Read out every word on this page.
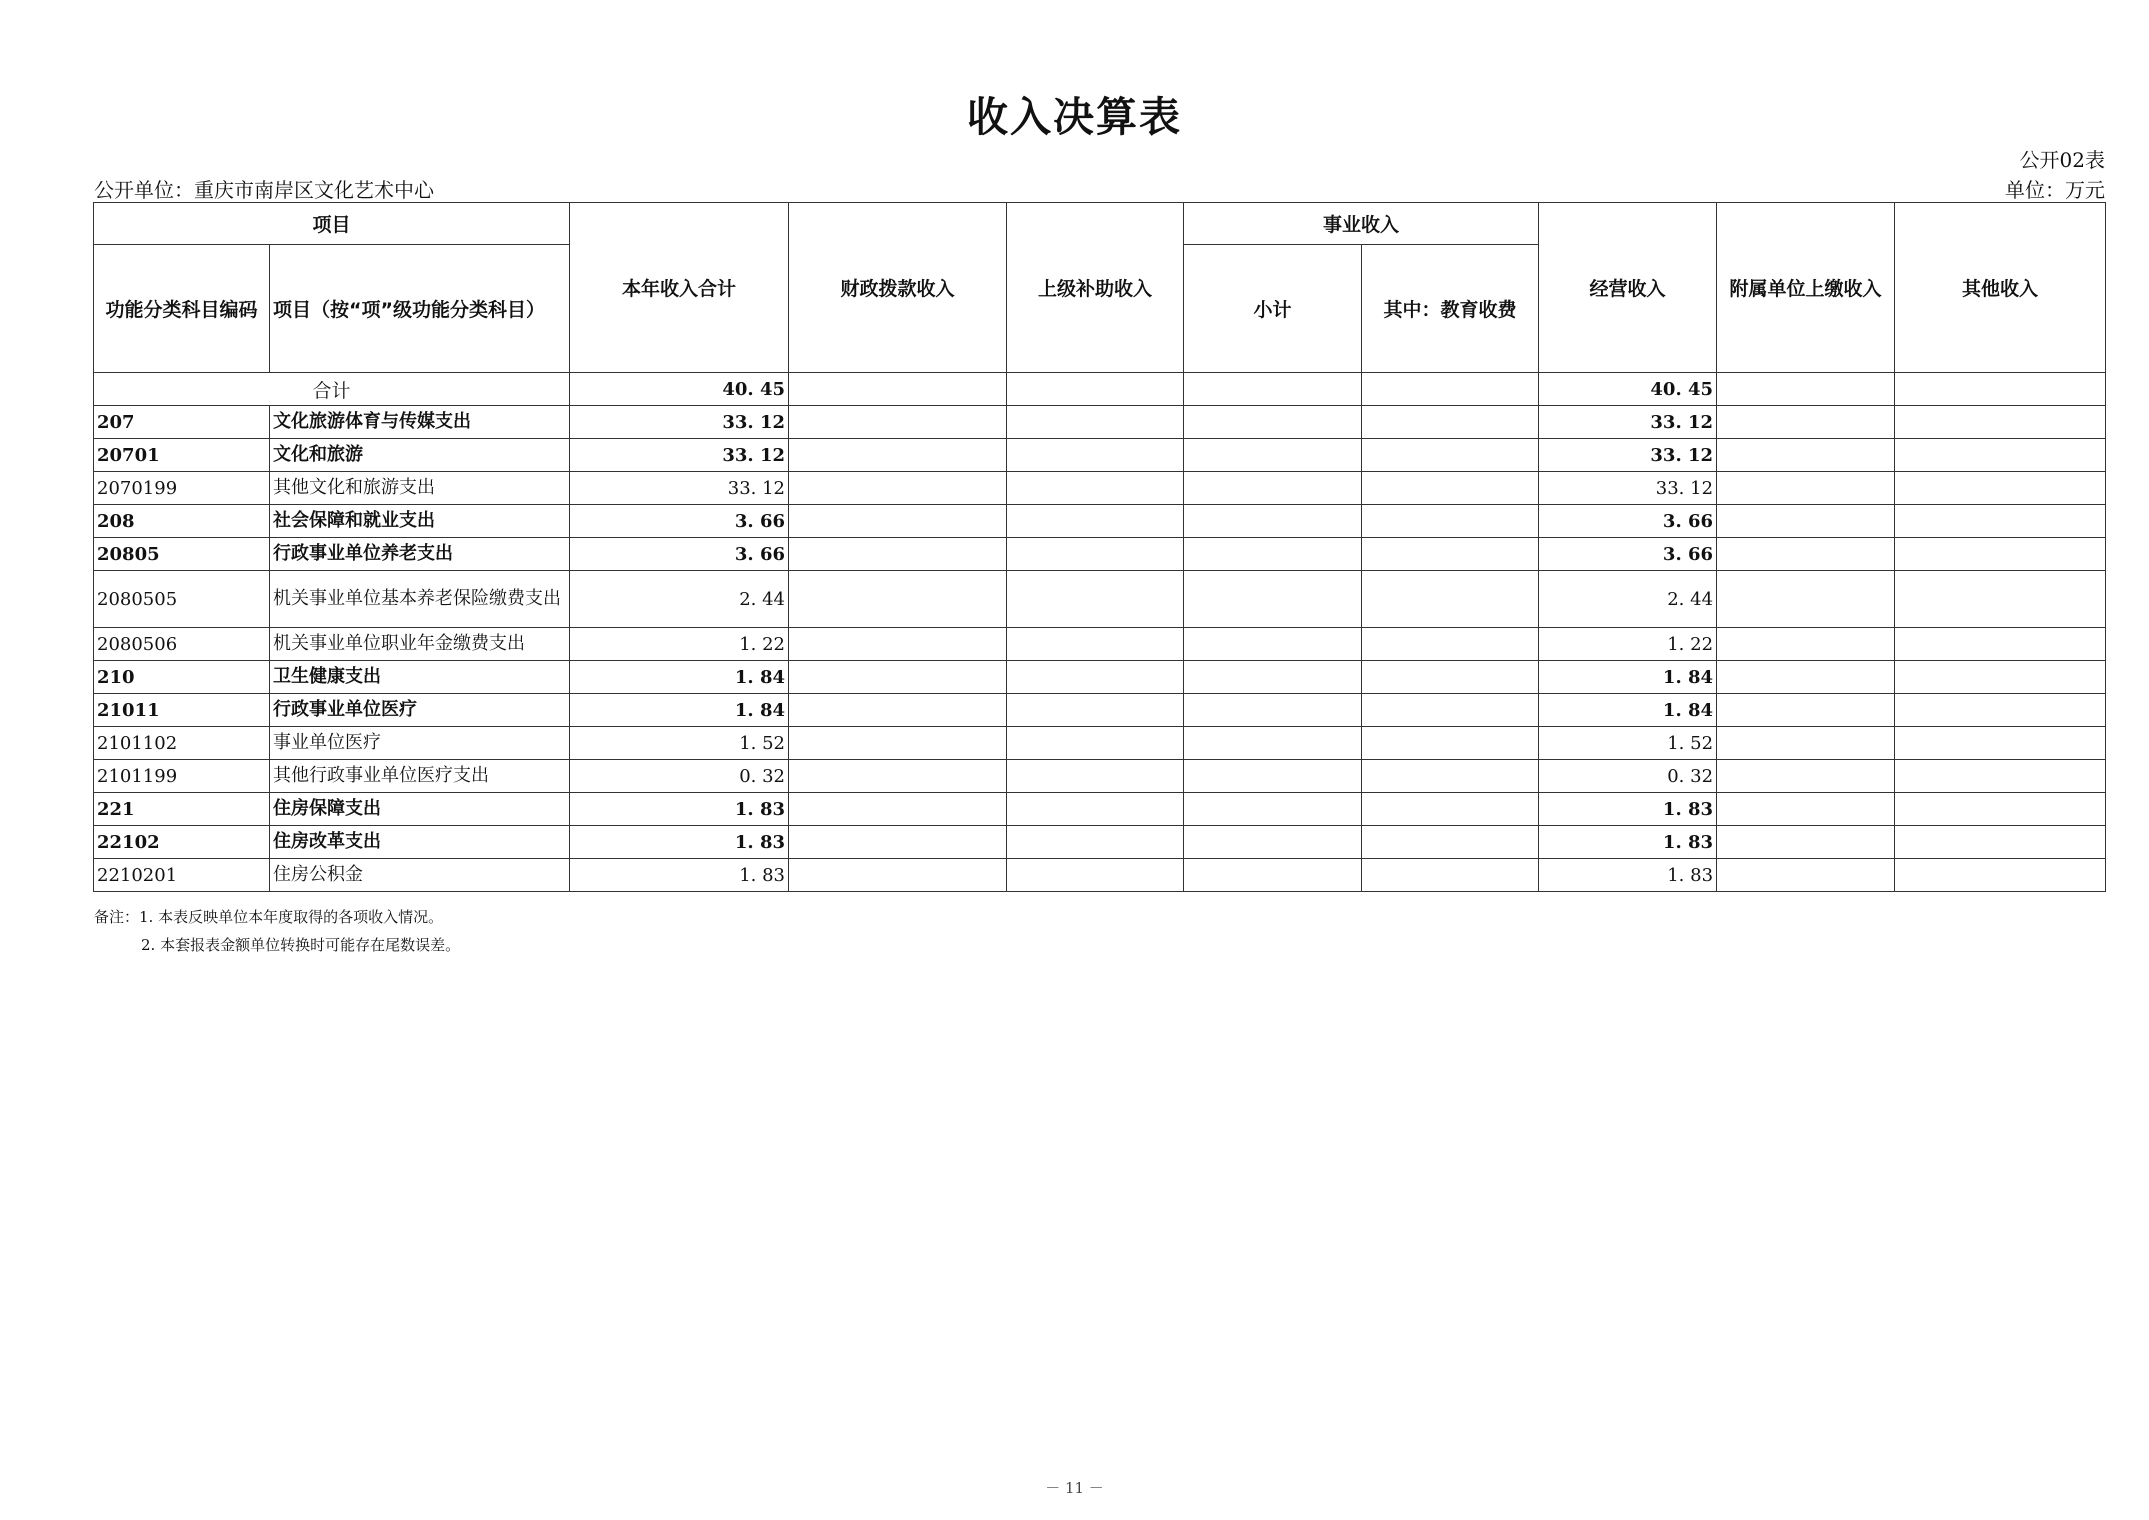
收入决算表
公开02表
公开单位：重庆市南岸区文化艺术中心	单位：万元
项目		本年收入合计	财政拨款收入	上级补助收入	事业收入		经营收入	附属单位上缴收入	其他收入
功能分类科目编码	项目（按“项”级功能分类科目）				小计	其中：教育收费			
合计		40. 45					40. 45		
207	文化旅游体育与传媒支出	33. 12					33. 12		
20701	文化和旅游	33. 12					33. 12		
2070199	其他文化和旅游支出	33. 12					33. 12		
208	社会保障和就业支出	3. 66					3. 66		
20805	行政事业单位养老支出	3. 66					3. 66		
2080505	机关事业单位基本养老保险缴费支出	2. 44					2. 44		
2080506	机关事业单位职业年金缴费支出	1. 22					1. 22		
210	卫生健康支出	1. 84					1. 84		
21011	行政事业单位医疗	1. 84					1. 84		
2101102	事业单位医疗	1. 52					1. 52		
2101199	其他行政事业单位医疗支出	0. 32					0. 32		
221	住房保障支出	1. 83					1. 83		
22102	住房改革支出	1. 83					1. 83		
2210201	住房公积金	1. 83					1. 83		
备注：1. 本表反映单位本年度取得的各项收入情况。
2. 本套报表金额单位转换时可能存在尾数误差。
－ 11 －
